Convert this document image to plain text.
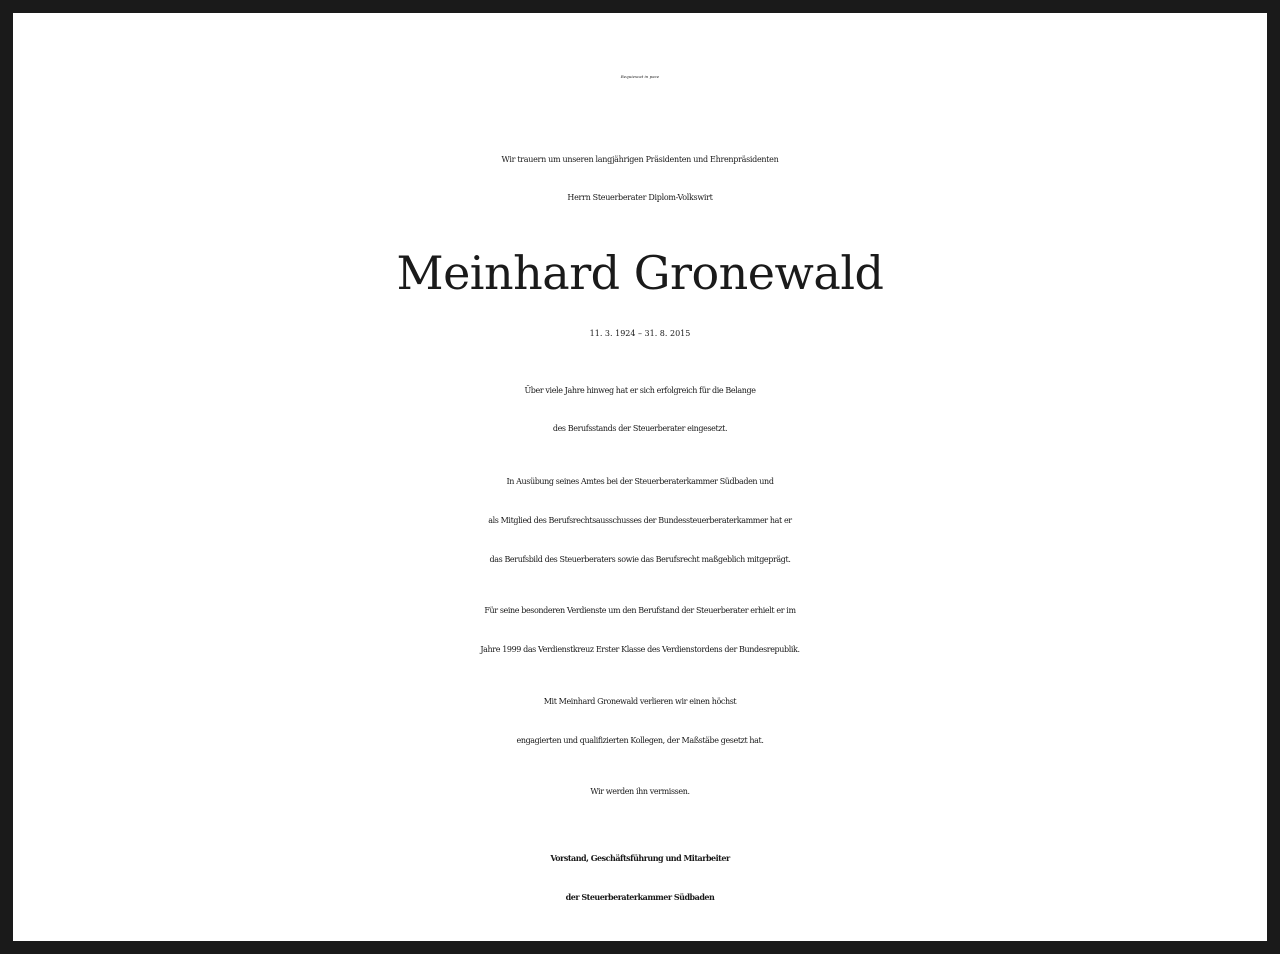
Requiescat in pace
Wir trauern um unseren langjährigen Präsidenten und Ehrenpräsidenten
Herrn Steuerberater Diplom-Volkswirt
Meinhard Gronewald
11. 3. 1924 – 31. 8. 2015
Über viele Jahre hinweg hat er sich erfolgreich für die Belange
des Berufsstands der Steuerberater eingesetzt.
In Ausübung seines Amtes bei der Steuerberaterkammer Südbaden und
als Mitglied des Berufsrechtsausschusses der Bundessteuerberaterkammer hat er
das Berufsbild des Steuerberaters sowie das Berufsrecht maßgeblich mitgeprägt.
Für seine besonderen Verdienste um den Berufstand der Steuerberater erhielt er im
Jahre 1999 das Verdienstkreuz Erster Klasse des Verdienstordens der Bundesrepublik.
Mit Meinhard Gronewald verlieren wir einen höchst
engagierten und qualifizierten Kollegen, der Maßstäbe gesetzt hat.
Wir werden ihn vermissen.
Vorstand, Geschäftsführung und Mitarbeiter
der Steuerberaterkammer Südbaden
